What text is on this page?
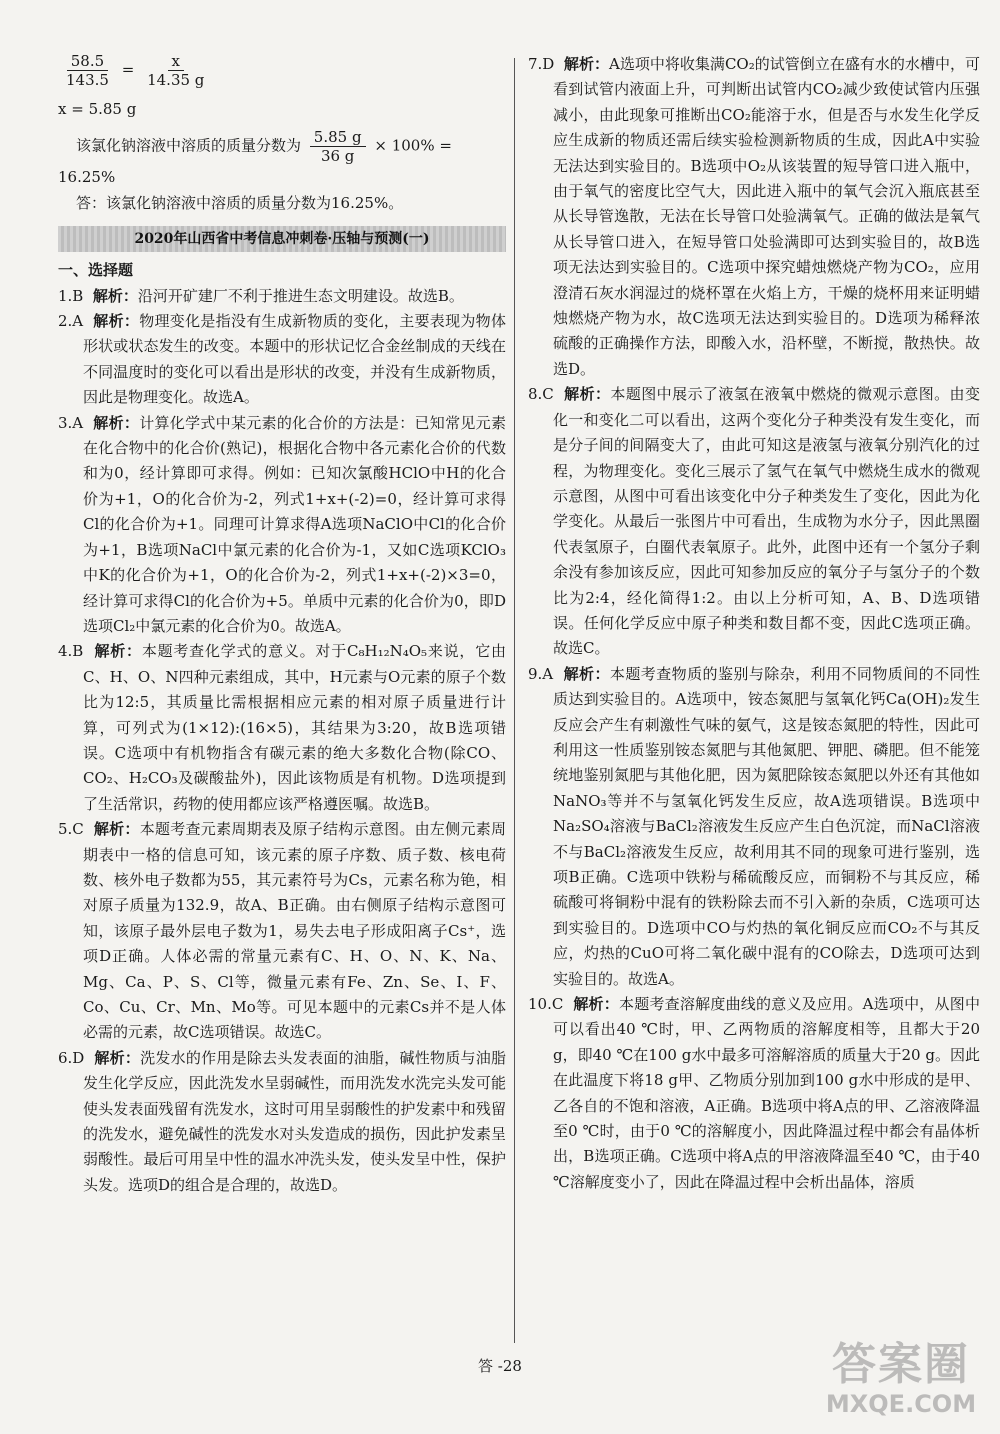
$\frac{58.5}{143.5} = \frac{x}{14.35 g}$
x = 5.85 g
该氯化钠溶液中溶质的质量分数为 $\frac{5.85 g}{36 g} \times 100\%$ =
16.25%
答：该氯化钠溶液中溶质的质量分数为16.25%。
2020年山西省中考信息冲刺卷·压轴与预测(一)
一、选择题
1.B 解析：沿河开矿建厂不利于推进生态文明建设。故选B。
2.A 解析：物理变化是指没有生成新物质的变化，主要表现为物体形状或状态发生的改变。本题中的形状记忆合金丝制成的天线在不同温度时的变化可以看出是形状的改变，并没有生成新物质，因此是物理变化。故选A。
3.A 解析：计算化学式中某元素的化合价的方法是：已知常见元素在化合物中的化合价(熟记)，根据化合物中各元素化合价的代数和为0，经计算即可求得。例如：已知次氯酸HClO中H的化合价为+1，O的化合价为-2，列式1+x+(-2)=0，经计算可求得Cl的化合价为+1。同理可计算求得A选项NaClO中Cl的化合价为+1，B选项NaCl中氯元素的化合价为-1，又如C选项KClO₃中K的化合价为+1，O的化合价为-2，列式1+x+(-2)×3=0，经计算可求得Cl的化合价为+5。单质中元素的化合价为0，即D选项Cl₂中氯元素的化合价为0。故选A。
4.B 解析：本题考查化学式的意义。对于C₈H₁₂N₄O₅来说，它由C、H、O、N四种元素组成，其中，H元素与O元素的原子个数比为12:5，其质量比需根据相应元素的相对原子质量进行计算，可列式为(1×12):(16×5)，其结果为3:20，故B选项错误。C选项中有机物指含有碳元素的绝大多数化合物(除CO、CO₂、H₂CO₃及碳酸盐外)，因此该物质是有机物。D选项提到了生活常识，药物的使用都应该严格遵医嘱。故选B。
5.C 解析：本题考查元素周期表及原子结构示意图。由左侧元素周期表中一格的信息可知，该元素的原子序数、质子数、核电荷数、核外电子数都为55，其元素符号为Cs，元素名称为铯，相对原子质量为132.9，故A、B正确。由右侧原子结构示意图可知，该原子最外层电子数为1，易失去电子形成阳离子Cs⁺，选项D正确。人体必需的常量元素有C、H、O、N、K、Na、Mg、Ca、P、S、Cl等，微量元素有Fe、Zn、Se、I、F、Co、Cu、Cr、Mn、Mo等。可见本题中的元素Cs并不是人体必需的元素，故C选项错误。故选C。
6.D 解析：洗发水的作用是除去头发表面的油脂，碱性物质与油脂发生化学反应，因此洗发水呈弱碱性，而用洗发水洗完头发可能使头发表面残留有洗发水，这时可用呈弱酸性的护发素中和残留的洗发水，避免碱性的洗发水对头发造成的损伤，因此护发素呈弱酸性。最后可用呈中性的温水冲洗头发，使头发呈中性，保护头发。选项D的组合是合理的，故选D。
7.D 解析：A选项中将收集满CO₂的试管倒立在盛有水的水槽中，可看到试管内液面上升，可判断出试管内CO₂减少致使试管内压强减小，由此现象可推断出CO₂能溶于水，但是否与水发生化学反应生成新的物质还需后续实验检测新物质的生成，因此A中实验无法达到实验目的。B选项中O₂从该装置的短导管口进入瓶中，由于氧气的密度比空气大，因此进入瓶中的氧气会沉入瓶底甚至从长导管逸散，无法在长导管口处验满氧气。正确的做法是氧气从长导管口进入，在短导管口处验满即可达到实验目的，故B选项无法达到实验目的。C选项中探究蜡烛燃烧产物为CO₂，应用澄清石灰水润湿过的烧杯罩在火焰上方，干燥的烧杯用来证明蜡烛燃烧产物为水，故C选项无法达到实验目的。D选项为稀释浓硫酸的正确操作方法，即酸入水，沿杯壁，不断搅，散热快。故选D。
8.C 解析：本题图中展示了液氢在液氧中燃烧的微观示意图。由变化一和变化二可以看出，这两个变化分子种类没有发生变化，而是分子间的间隔变大了，由此可知这是液氢与液氧分别汽化的过程，为物理变化。变化三展示了氢气在氧气中燃烧生成水的微观示意图，从图中可看出该变化中分子种类发生了变化，因此为化学变化。从最后一张图片中可看出，生成物为水分子，因此黑圈代表氢原子，白圈代表氧原子。此外，此图中还有一个氢分子剩余没有参加该反应，因此可知参加反应的氧分子与氢分子的个数比为2:4，经化简得1:2。由以上分析可知，A、B、D选项错误。任何化学反应中原子种类和数目都不变，因此C选项正确。故选C。
9.A 解析：本题考查物质的鉴别与除杂，利用不同物质间的不同性质达到实验目的。A选项中，铵态氮肥与氢氧化钙Ca(OH)₂发生反应会产生有刺激性气味的氨气，这是铵态氮肥的特性，因此可利用这一性质鉴别铵态氮肥与其他氮肥、钾肥、磷肥。但不能笼统地鉴别氮肥与其他化肥，因为氮肥除铵态氮肥以外还有其他如NaNO₃等并不与氢氧化钙发生反应，故A选项错误。B选项中Na₂SO₄溶液与BaCl₂溶液发生反应产生白色沉淀，而NaCl溶液不与BaCl₂溶液发生反应，故利用其不同的现象可进行鉴别，选项B正确。C选项中铁粉与稀硫酸反应，而铜粉不与其反应，稀硫酸可将铜粉中混有的铁粉除去而不引入新的杂质，C选项可达到实验目的。D选项中CO与灼热的氧化铜反应而CO₂不与其反应，灼热的CuO可将二氧化碳中混有的CO除去，D选项可达到实验目的。故选A。
10.C 解析：本题考查溶解度曲线的意义及应用。A选项中，从图中可以看出40 ℃时，甲、乙两物质的溶解度相等，且都大于20 g，即40 ℃在100 g水中最多可溶解溶质的质量大于20 g。因此在此温度下将18 g甲、乙物质分别加到100 g水中形成的是甲、乙各自的不饱和溶液，A正确。B选项中将A点的甲、乙溶液降温至0 ℃时，由于0 ℃的溶解度小，因此降温过程中都会有晶体析出，B选项正确。C选项中将A点的甲溶液降温至40 ℃，由于40 ℃溶解度变小了，因此在降温过程中会析出晶体，溶质
答 -28	答案圈
MXQE.COM
